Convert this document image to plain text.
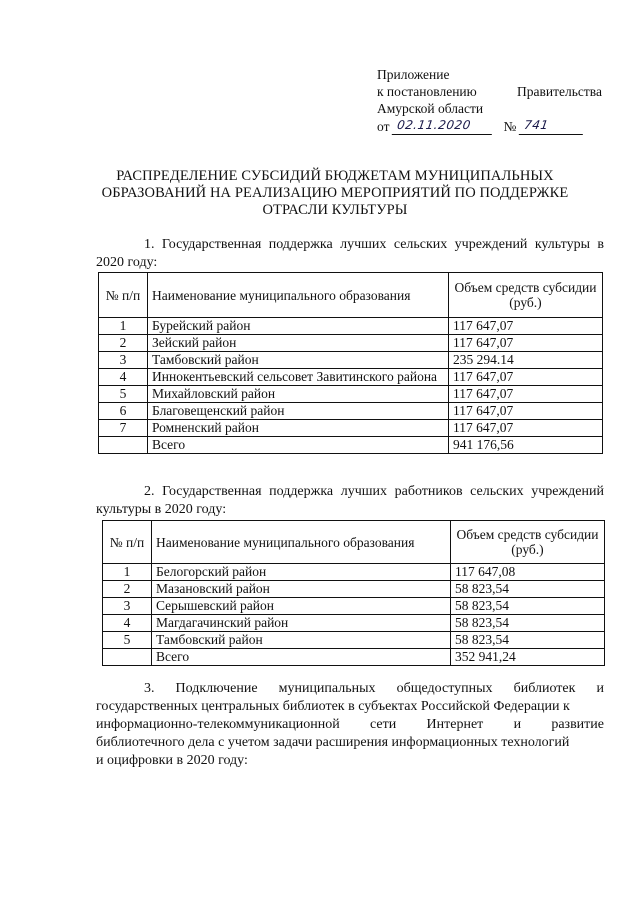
Приложение
к постановлению	Правительства
Амурской области
от 02.11.2020	№ 741
РАСПРЕДЕЛЕНИЕ СУБСИДИЙ БЮДЖЕТАМ МУНИЦИПАЛЬНЫХ
ОБРАЗОВАНИЙ НА РЕАЛИЗАЦИЮ МЕРОПРИЯТИЙ ПО ПОДДЕРЖКЕ
ОТРАСЛИ КУЛЬТУРЫ
1. Государственная поддержка лучших сельских учреждений культуры в 2020 году:
№ п/п	Наименование муниципального образования	Объем средств субсидии (руб.)
1	Бурейский район	117 647,07
2	Зейский район	117 647,07
3	Тамбовский район	235 294.14
4	Иннокентьевский сельсовет Завитинского района	117 647,07
5	Михайловский район	117 647,07
6	Благовещенский район	117 647,07
7	Ромненский район	117 647,07
	Всего	941 176,56
2. Государственная поддержка лучших работников сельских учреждений культуры в 2020 году:
№ п/п	Наименование муниципального образования	Объем средств субсидии (руб.)
1	Белогорский район	117 647,08
2	Мазановский район	58 823,54
3	Серышевский район	58 823,54
4	Магдагачинский район	58 823,54
5	Тамбовский район	58 823,54
	Всего	352 941,24
3. Подключение муниципальных общедоступных библиотек и
государственных центральных библиотек в субъектах Российской Федерации к
информационно-телекоммуникационной сети Интернет и развитие
библиотечного дела с учетом задачи расширения информационных технологий
и оцифровки в 2020 году:
